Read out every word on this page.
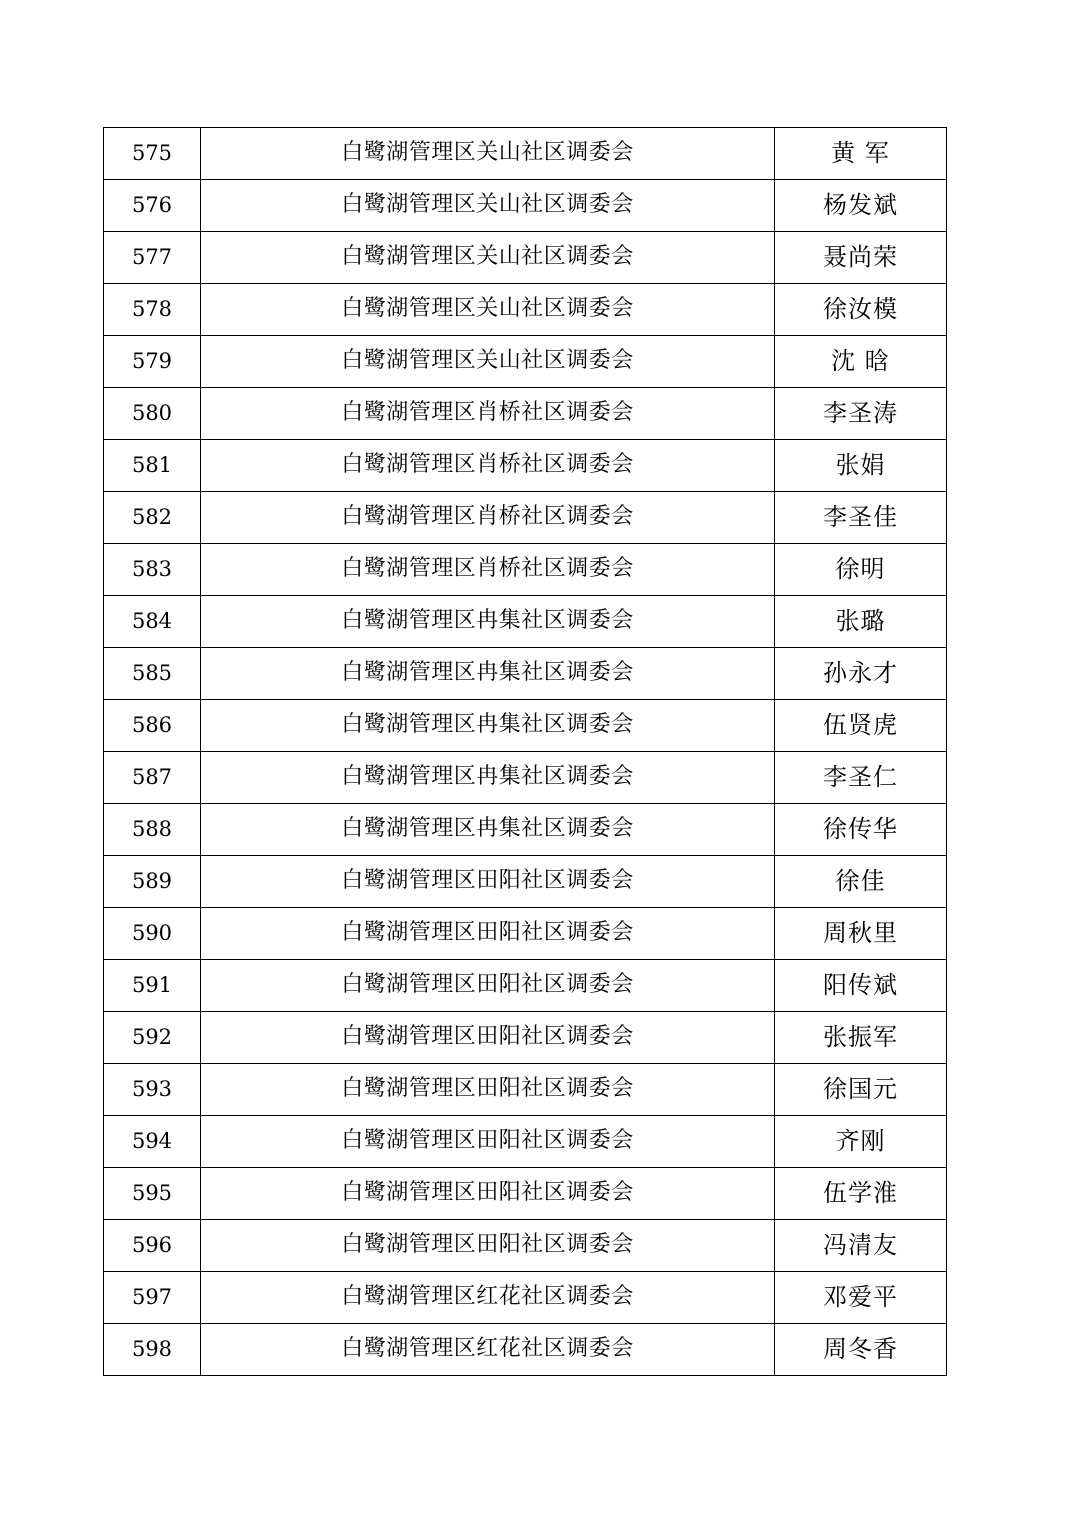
575	白鹭湖管理区关山社区调委会	黄 军
576	白鹭湖管理区关山社区调委会	杨发斌
577	白鹭湖管理区关山社区调委会	聂尚荣
578	白鹭湖管理区关山社区调委会	徐汝模
579	白鹭湖管理区关山社区调委会	沈 晗
580	白鹭湖管理区肖桥社区调委会	李圣涛
581	白鹭湖管理区肖桥社区调委会	张娟
582	白鹭湖管理区肖桥社区调委会	李圣佳
583	白鹭湖管理区肖桥社区调委会	徐明
584	白鹭湖管理区冉集社区调委会	张璐
585	白鹭湖管理区冉集社区调委会	孙永才
586	白鹭湖管理区冉集社区调委会	伍贤虎
587	白鹭湖管理区冉集社区调委会	李圣仁
588	白鹭湖管理区冉集社区调委会	徐传华
589	白鹭湖管理区田阳社区调委会	徐佳
590	白鹭湖管理区田阳社区调委会	周秋里
591	白鹭湖管理区田阳社区调委会	阳传斌
592	白鹭湖管理区田阳社区调委会	张振军
593	白鹭湖管理区田阳社区调委会	徐国元
594	白鹭湖管理区田阳社区调委会	齐刚
595	白鹭湖管理区田阳社区调委会	伍学淮
596	白鹭湖管理区田阳社区调委会	冯清友
597	白鹭湖管理区红花社区调委会	邓爱平
598	白鹭湖管理区红花社区调委会	周冬香
